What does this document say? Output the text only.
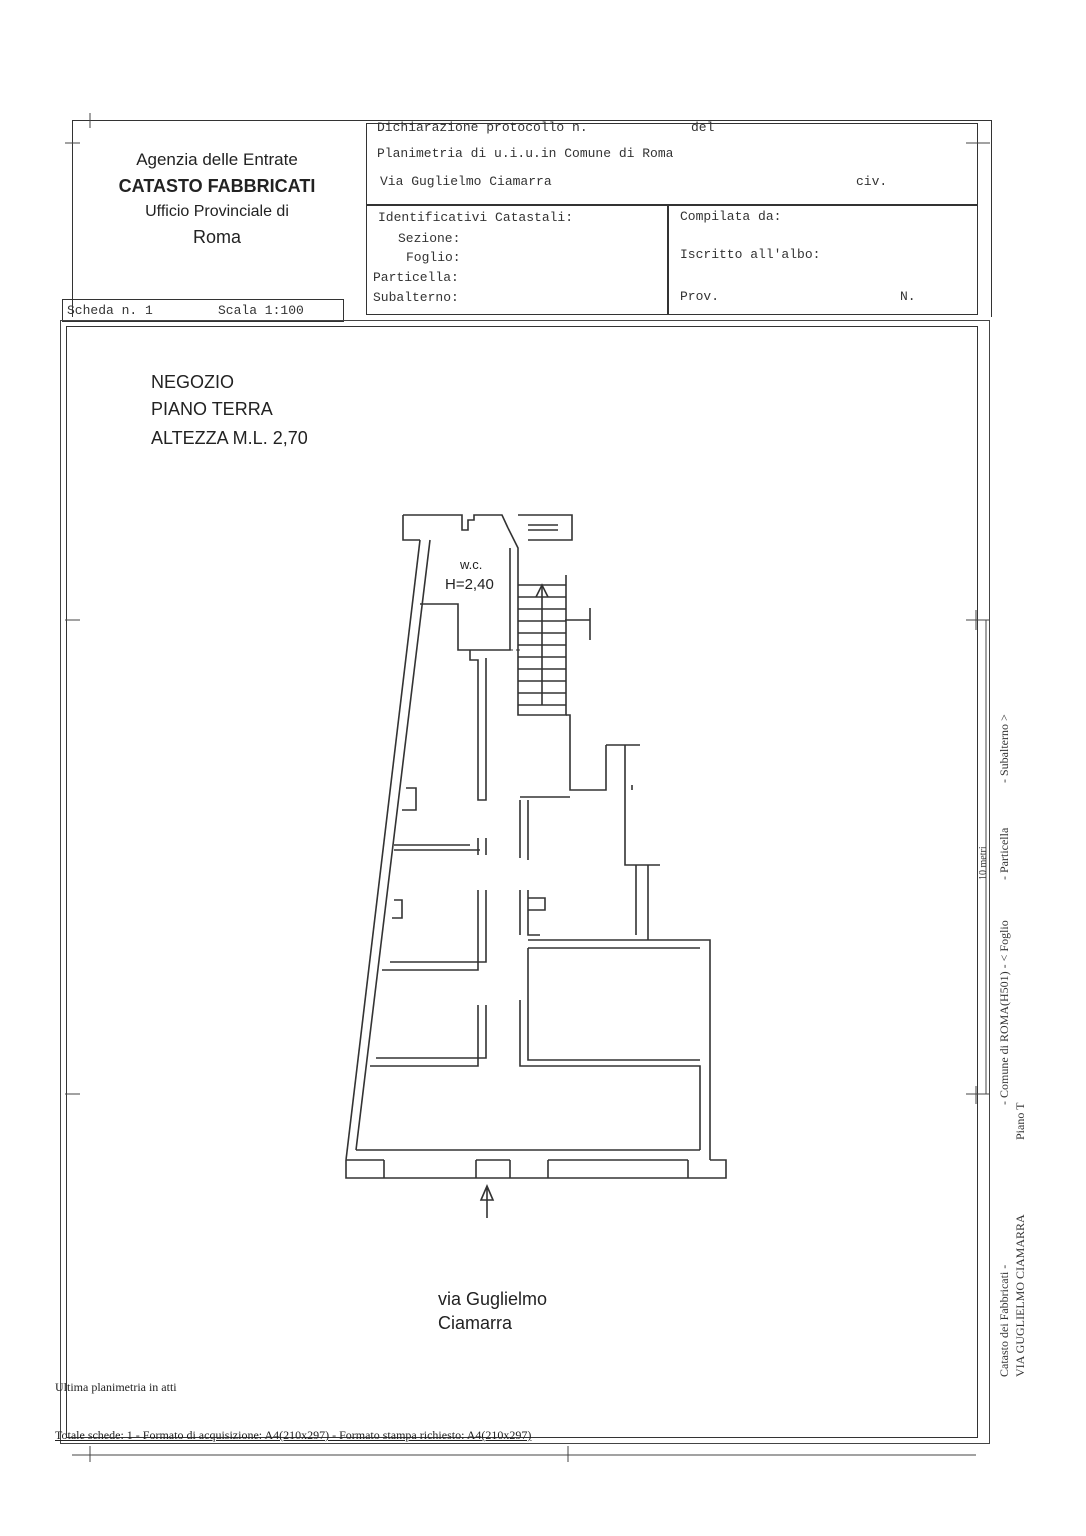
Agenzia delle Entrate
CATASTO FABBRICATI
Ufficio Provinciale di
Roma
Dichiarazione protocollo n.	del
Planimetria di u.i.u.in Comune di Roma
Via Guglielmo Ciamarra	civ.
Identificativi Catastali:
Sezione:
Foglio:
Particella:
Subalterno:
Compilata da:
Iscritto all'albo:
Prov.	N.
Scheda n. 1	Scala 1:100
NEGOZIO
PIANO TERRA
ALTEZZA M.L. 2,70
w.c.
H=2,40
via Guglielmo
Ciamarra
Ultima planimetria in atti
Totale schede: 1 - Formato di acquisizione: A4(210x297) - Formato stampa richiesto: A4(210x297)
Catasto dei Fabbricati - VIA GUGLIELMO CIAMARRA
- Comune di ROMA(H501) - < Foglio
Piano T
- Particella
- Subalterno >
10 metri
